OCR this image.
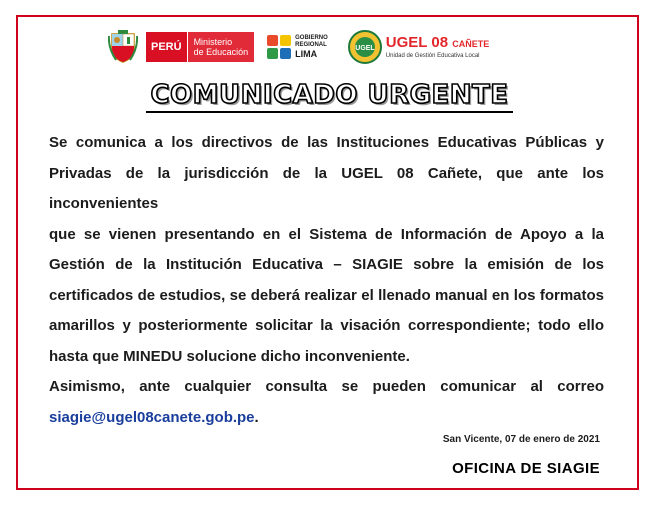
PERÚ	Ministerio
de Educación
GOBIERNO
REGIONAL
LIMA
UGEL UGEL 08 CAÑETE
Unidad de Gestión Educativa Local
COMUNICADO URGENTE

Se comunica a los directivos de las Instituciones Educativas Públicas y

Privadas de la jurisdicción de la UGEL 08 Cañete, que ante los inconvenientes

que se vienen presentando en el Sistema de Información de Apoyo a la

Gestión de la Institución Educativa – SIAGIE sobre la emisión de los

certificados de estudios, se deberá realizar el llenado manual en los formatos

amarillos y posteriormente solicitar la visación correspondiente; todo ello

hasta que MINEDU solucione dicho inconveniente.

Asimismo, ante cualquier consulta se pueden comunicar al correo

siagie@ugel08canete.gob.pe.

San Vicente, 07 de enero de 2021
OFICINA DE SIAGIE
